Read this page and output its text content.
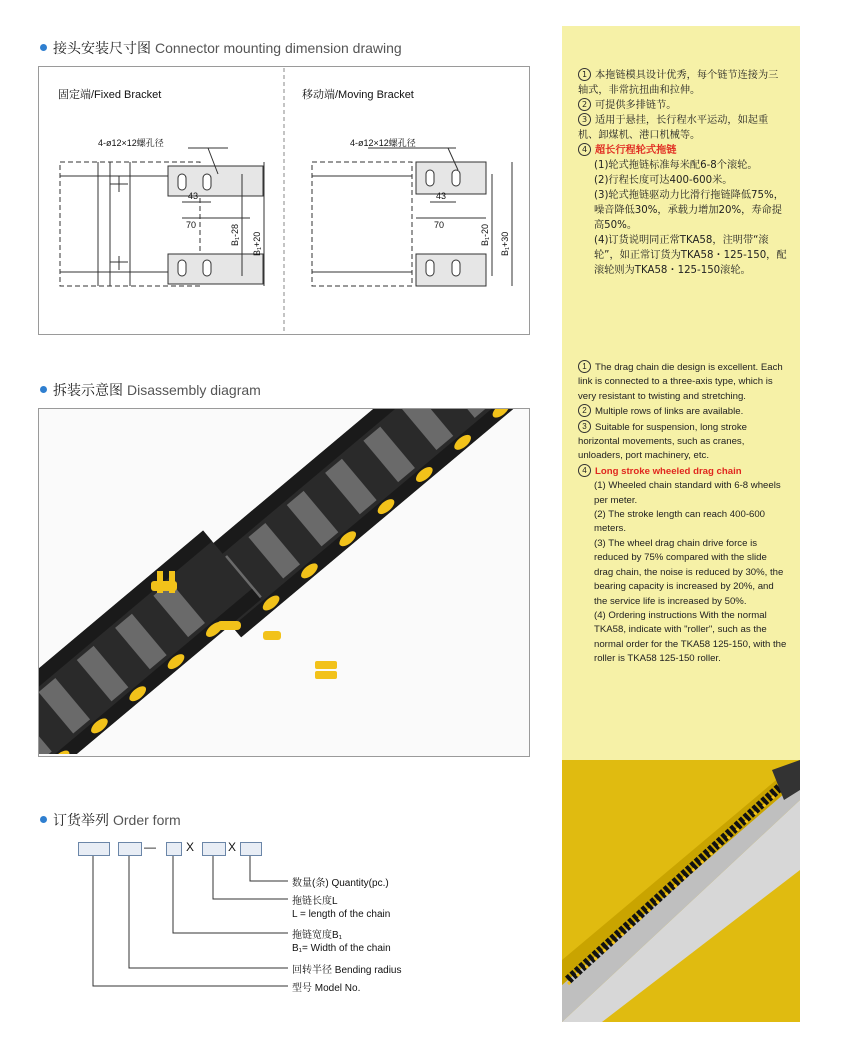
接头安装尺寸图 Connector mounting dimension drawing
4-ø12×12螺孔径
43
70	B₁-28 B₁+20
4-ø12×12螺孔径
43
70	B₁-20 B₁+30
固定端/Fixed Bracket	移动端/Moving Bracket
拆装示意图 Disassembly diagram
订货举列 Order form
—	X	X
数量(条) Quantity(pc.)
拖链长度L
L = length of the chain
拖链宽度B₁
B₁= Width of the chain
回转半径 Bending radius
型号 Model No.

1 本拖链模具设计优秀，每个链节连接为三轴式，非常抗扭曲和拉伸。

2 可提供多排链节。

3 适用于悬挂，长行程水平运动，如起重机、卸煤机、港口机械等。

4 超长行程轮式拖链

(1)轮式拖链标准每米配6-8个滚轮。

(2)行程长度可达400-600米。

(3)轮式拖链驱动力比滑行拖链降低75%，噪音降低30%，承载力增加20%，寿命提高50%。

(4)订货说明同正常TKA58，注明带“滚轮”，如正常订货为TKA58・125-150，配滚轮则为TKA58・125-150滚轮。

1 The drag chain die design is excellent. Each link is connected to a three-axis type, which is very resistant to twisting and stretching.

2 Multiple rows of links are available.

3 Suitable for suspension, long stroke horizontal movements, such as cranes, unloaders, port machinery, etc.

4 Long stroke wheeled drag chain

(1) Wheeled chain standard with 6-8 wheels per meter.

(2) The stroke length can reach 400-600 meters.

(3) The wheel drag chain drive force is reduced by 75% compared with the slide drag chain, the noise is reduced by 30%, the bearing capacity is increased by 20%, and the service life is increased by 50%.

(4) Ordering instructions With the normal TKA58, indicate with "roller", such as the normal order for the TKA58 125-150, with the roller is TKA58 125-150 roller.
